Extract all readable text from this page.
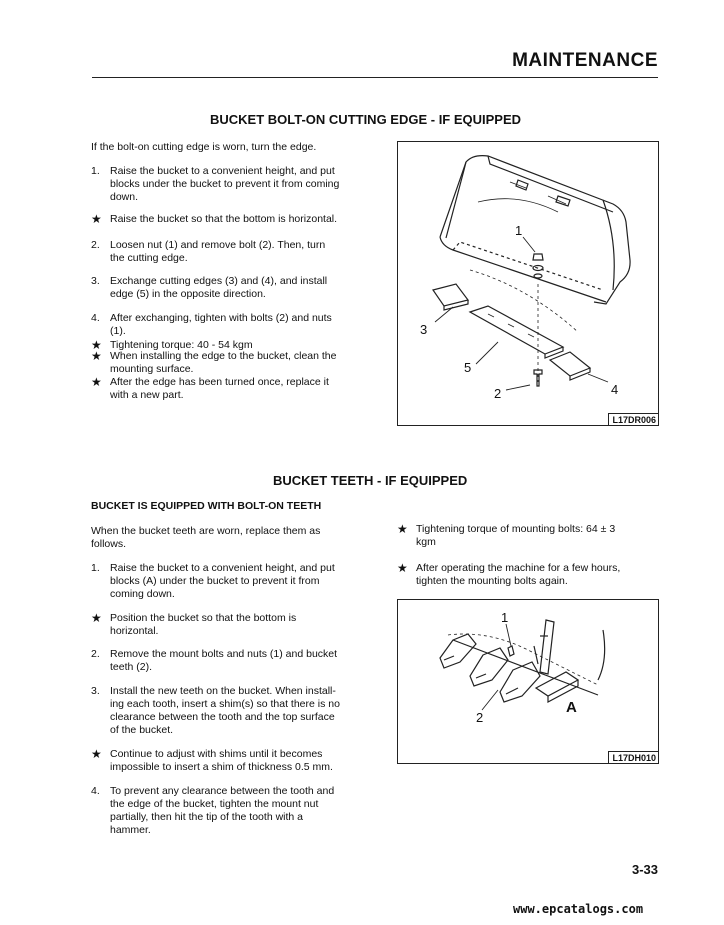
MAINTENANCE
BUCKET BOLT-ON CUTTING EDGE - IF EQUIPPED
If the bolt-on cutting edge is worn, turn the edge.
1. Raise the bucket to a convenient height, and put
blocks under the bucket to prevent it from coming
down.
★ Raise the bucket so that the bottom is horizontal.
2. Loosen nut (1) and remove bolt (2). Then, turn
the cutting edge.
3. Exchange cutting edges (3) and (4), and install
edge (5) in the opposite direction.
4. After exchanging, tighten with bolts (2) and nuts
(1).
★ Tightening torque: 40 - 54 kgm
★ When installing the edge to the bucket, clean the
mounting surface.
★ After the edge has been turned once, replace it
with a new part.
1
3
5
2	4
L17DR006
BUCKET TEETH - IF EQUIPPED
BUCKET IS EQUIPPED WITH BOLT-ON TEETH
When the bucket teeth are worn, replace them as
follows.
1. Raise the bucket to a convenient height, and put
blocks (A) under the bucket to prevent it from
coming down.
★ Position the bucket so that the bottom is
horizontal.
2. Remove the mount bolts and nuts (1) and bucket
teeth (2).
3. Install the new teeth on the bucket. When install-
ing each tooth, insert a shim(s) so that there is no
clearance between the tooth and the top surface
of the bucket.
★ Continue to adjust with shims until it becomes
impossible to insert a shim of thickness 0.5 mm.
4. To prevent any clearance between the tooth and
the edge of the bucket, tighten the mount nut
partially, then hit the tip of the tooth with a
hammer.
★ Tightening torque of mounting bolts: 64 ± 3
kgm
★ After operating the machine for a few hours,
tighten the mounting bolts again.
1
2
A
L17DH010
3-33
www.epcatalogs.com
